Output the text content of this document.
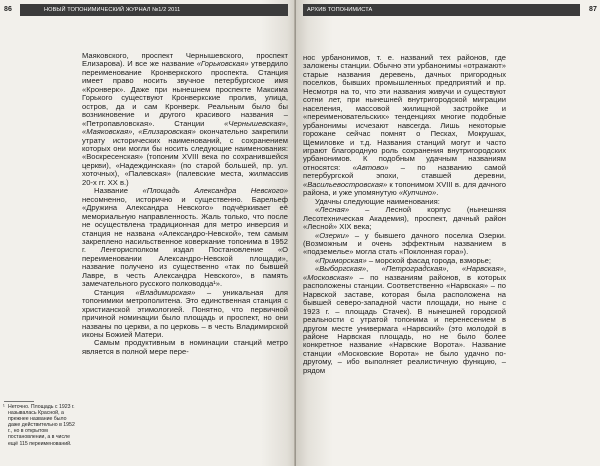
86	НОВЫЙ ТОПОНИМИЧЕСКИЙ ЖУРНАЛ №1/2 2011

Маяковского, проспект Чернышевского, проспект Елизарова). И все же название «Горьковская» утвердило переименование Кронверкского проспекта. Станция имеет право носить звучное петербургское имя «Кронверк». Даже при нынешнем проспекте Максима Горького существуют Кронверкские пролив, улица, остров, да и сам Кронверк. Реальным было бы возникновение и другого красивого названия – «Петропавловская». Станции «Чернышевская», «Маяковская», «Елизаровская» окончательно закрепили утрату исторических наименований, с сохранением которых они могли бы носить следующие наименования: «Воскресенская» (топоним XVIII века по сохранившейся церкви), «Надеждинская» (по старой большей, пр. ул. хоточных), «Палевская» (палевские места, жилмассив 20-х гг. ХХ в.)

Название «Площадь Александра Невского» несомненно, исторично и существенно. Барельеф «Дружина Александра Невского» подчёркивает её мемориальную направленность. Жаль только, что после не осуществлена традиционная для метро инверсия и станция не названа «Александро-Невской», тем самым закреплено насильственное коверкание топонима в 1952 г. Ленгорисполком издал Постановление «О переименовании Александро-Невской площади», название получено из существенно «так по бывшей Лавре, в честь Александра Невского», в память замечательного русского полководца¹».

Станция «Владимирская» – уникальная для топонимики метрополитена. Это единственная станция с христианской этимологией. Понятно, что первичной причиной номинации было площадь и проспект, но они названы по церкви, а по церковь – в честь Владимирской иконы Божией Матери.

Самым продуктивным в номинации станций метро является в полной мере пере-

¹ Неточно. Площадь с 1923 г. называлась Красной, а прежнее название было даже действительно в 1952 г., но в открытом постановлении, а в числе ещё 115 переименований.
АРХИВ ТОПОНИМИСТА	87

нос урбанонимов, т. е. названий тех районов, где заложены станции. Обычно эти урбанонимы «отражают» старые названия деревень, дачных пригородных поселков, бывших промышленных предприятий и пр. Несмотря на то, что эти названия живучи и существуют сотни лет, при нынешней внутригородской миграции населения, массовой жилищной застройке и «переименовательских» тенденциях многие подобные урбанонимы исчезают навсегда. Лишь некоторые горожане сейчас помнят о Песках, Мокрушах, Щемиловке и т.д. Названия станций могут и часто играют благородную роль сохранения внутригородских урбанонимов. К подобным удачным названиям относятся: «Автово» – по названию самой петербургской эпохи, ставшей деревни, «Васильевостровская» к топонимом XVIII в. для дачного района, и уже упомянутую «Купчино».

Удачны следующие наименования:

«Лесная» – Лесной корпус (нынешняя Лесотехническая Академия), проспект, дачный район «Лесной» XIX века;

«Озерки» – у бывшего дачного поселка Озерки. (Возможным и очень эффектным названием в «подземелье» могла стать «Поклонная гора»).

«Приморская» – морской фасад города, взморье;

«Выборгская», «Петроградская», «Нарвская», «Московская» – по названиям районов, в которых расположены станции. Соответственно «Нарвская» – по Нарвской заставе, которая была расположена на бывшей северо-западной части площади, но ныне с 1923 г. – площадь Стачек). В нынешней городской реальности с утратой топонима и перенесением в другом месте универмага «Нарвский» (это молодой в районе Нарвская площадь, но не было более конкретное название «Нарвские Ворота». Название станции «Московские Ворота» не было удачно по-другому, – ибо выполняет реалистичную функцию, – рядом
